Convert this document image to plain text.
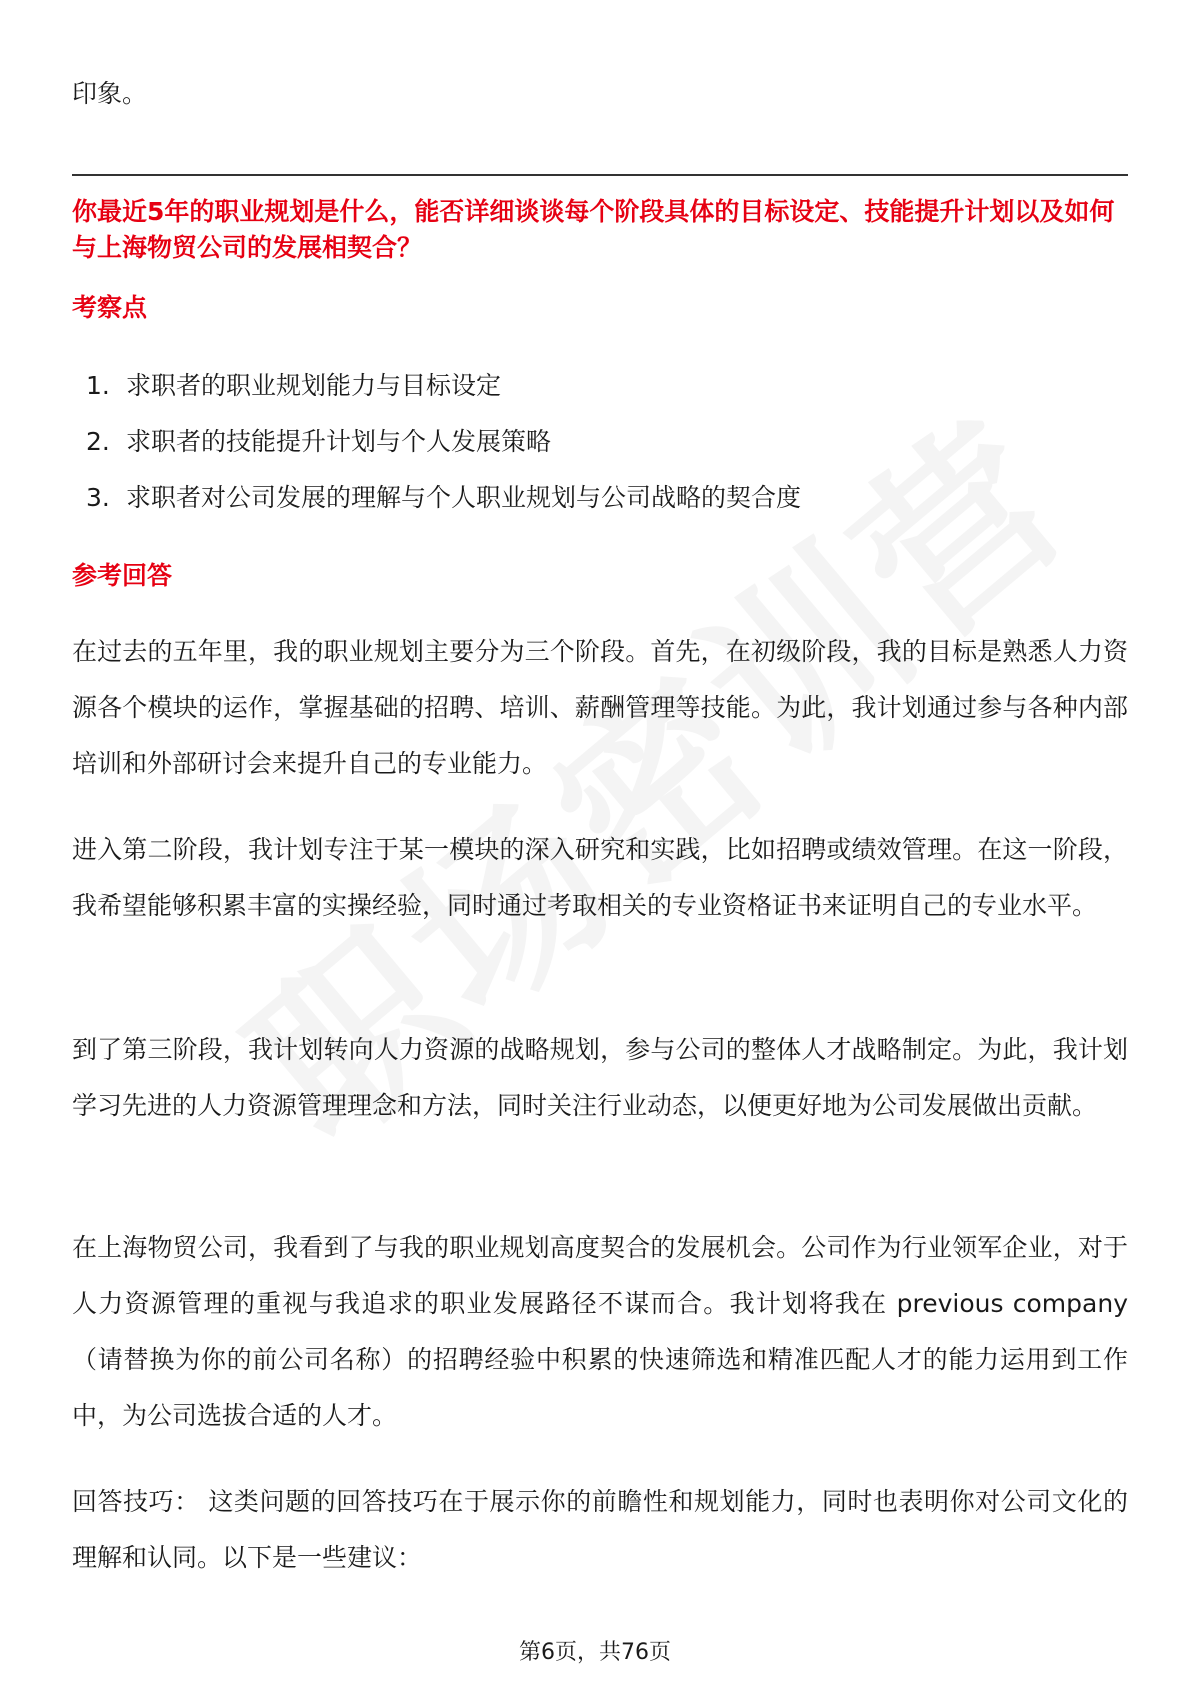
印象。

你最近5年的职业规划是什么，能否详细谈谈每个阶段具体的目标设定、技能提升计划以及如何与上海物贸公司的发展相契合？

考察点

1. 求职者的职业规划能力与目标设定
2. 求职者的技能提升计划与个人发展策略
3. 求职者对公司发展的理解与个人职业规划与公司战略的契合度

参考回答

在过去的五年里，我的职业规划主要分为三个阶段。首先，在初级阶段，我的目标是熟悉人力资源各个模块的运作，掌握基础的招聘、培训、薪酬管理等技能。为此，我计划通过参与各种内部培训和外部研讨会来提升自己的专业能力。

进入第二阶段，我计划专注于某一模块的深入研究和实践，比如招聘或绩效管理。在这一阶段，我希望能够积累丰富的实操经验，同时通过考取相关的专业资格证书来证明自己的专业水平。

到了第三阶段，我计划转向人力资源的战略规划，参与公司的整体人才战略制定。为此，我计划学习先进的人力资源管理理念和方法，同时关注行业动态，以便更好地为公司发展做出贡献。

在上海物贸公司，我看到了与我的职业规划高度契合的发展机会。公司作为行业领军企业，对于人力资源管理的重视与我追求的职业发展路径不谋而合。我计划将我在 previous company（请替换为你的前公司名称）的招聘经验中积累的快速筛选和精准匹配人才的能力运用到工作中，为公司选拔合适的人才。

回答技巧： 这类问题的回答技巧在于展示你的前瞻性和规划能力，同时也表明你对公司文化的理解和认同。以下是一些建议：

第6页，共76页
